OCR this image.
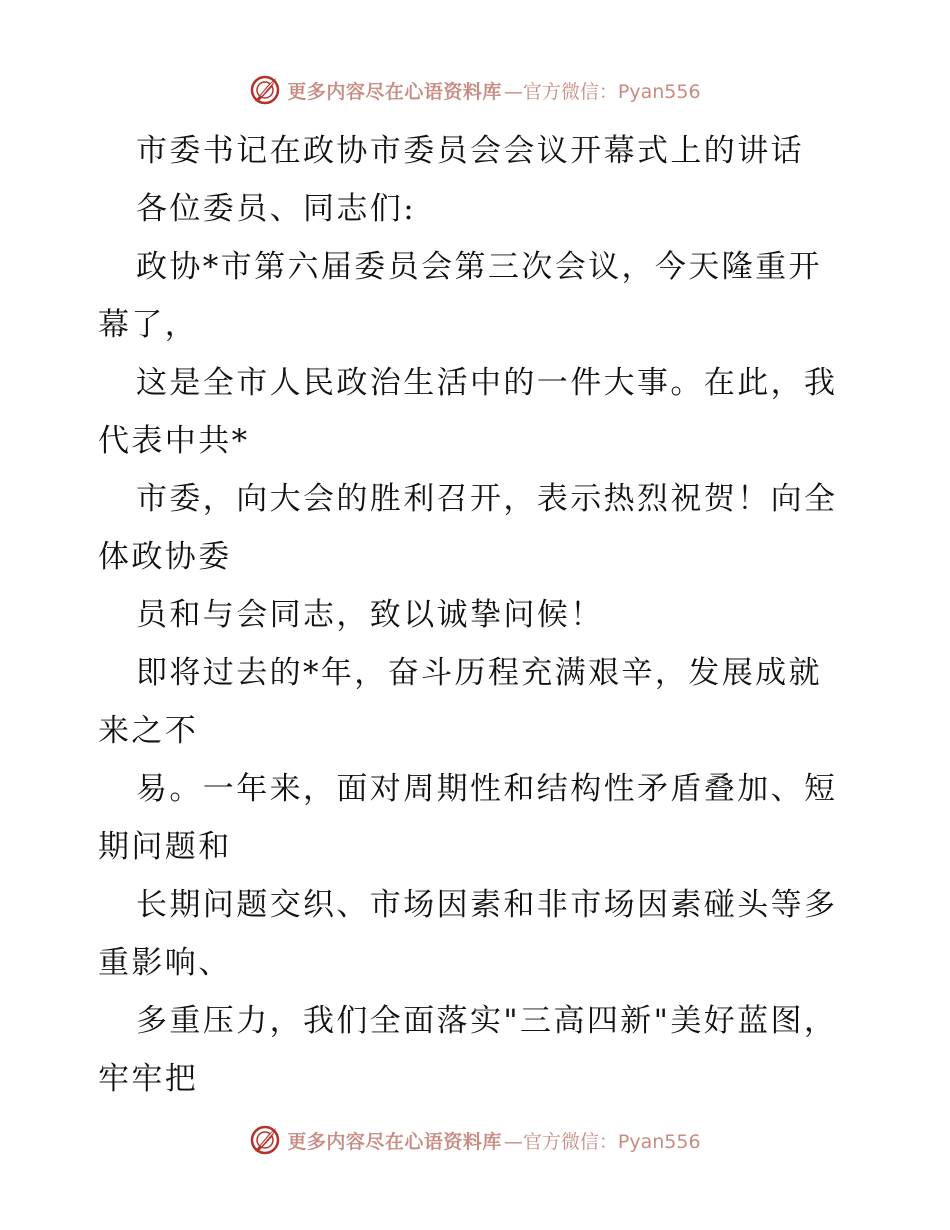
更多内容尽在心语资料库 —官方微信：Pyan556
市委书记在政协市委员会会议开幕式上的讲话
各位委员、同志们:
政协*市第六届委员会第三次会议，今天隆重开
幕了，
这是全市人民政治生活中的一件大事。在此，我
代表中共*
市委，向大会的胜利召开，表示热烈祝贺！向全
体政协委
员和与会同志，致以诚挚问候！
即将过去的*年，奋斗历程充满艰辛，发展成就
来之不
易。一年来，面对周期性和结构性矛盾叠加、短
期问题和
长期问题交织、市场因素和非市场因素碰头等多
重影响、
多重压力，我们全面落实"三高四新"美好蓝图，
牢牢把
更多内容尽在心语资料库 —官方微信：Pyan556
